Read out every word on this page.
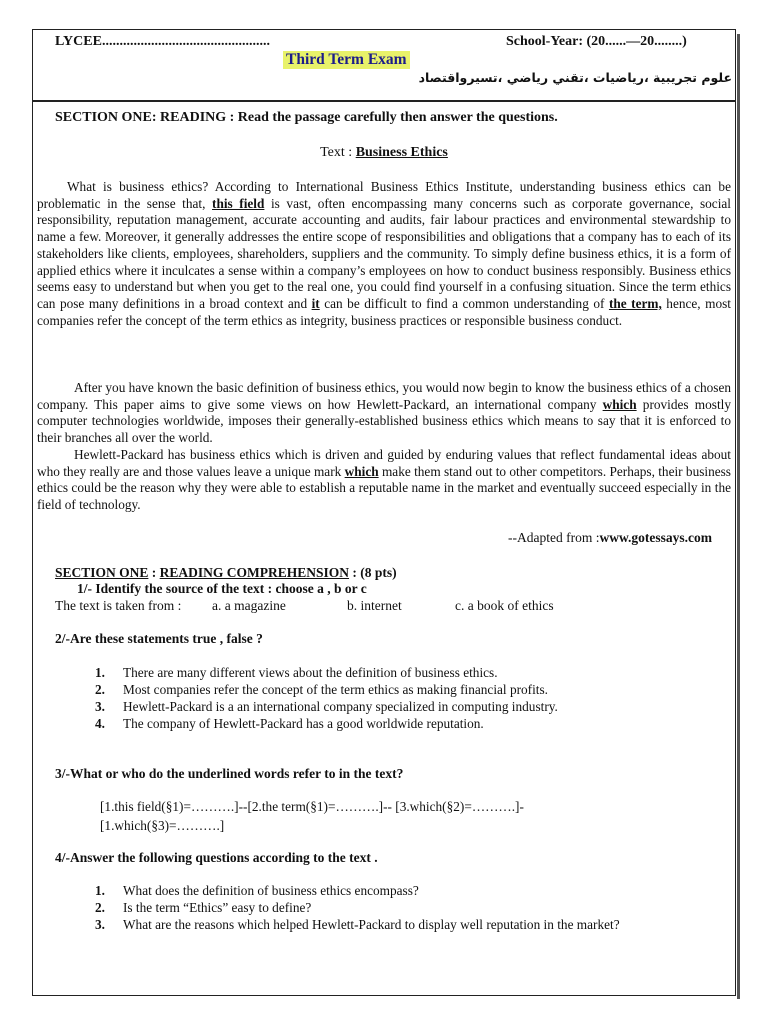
LYCEE................................................	School-Year: (20......—20........)
Third Term Exam
علوم تجريبية ،رياضيات ،تقني رياضي ،تسيرواقتصاد
SECTION ONE: READING : Read the passage carefully then answer the questions.
Text : Business Ethics

What is business ethics? According to International Business Ethics Institute, understanding business ethics can be problematic in the sense that, this field is vast, often encompassing many concerns such as corporate governance, social responsibility, reputation management, accurate accounting and audits, fair labour practices and environmental stewardship to name a few. Moreover, it generally addresses the entire scope of responsibilities and obligations that a company has to each of its stakeholders like clients, employees, shareholders, suppliers and the community. To simply define business ethics, it is a form of applied ethics where it inculcates a sense within a company’s employees on how to conduct business responsibly. Business ethics seems easy to understand but when you get to the real one, you could find yourself in a confusing situation. Since the term ethics can pose many definitions in a broad context and it can be difficult to find a common understanding of the term, hence, most companies refer the concept of the term ethics as integrity, business practices or responsible business conduct.

After you have known the basic definition of business ethics, you would now begin to know the business ethics of a chosen company. This paper aims to give some views on how Hewlett-Packard, an international company which provides mostly computer technologies worldwide, imposes their generally-established business ethics which means to say that it is enforced to their branches all over the world.

Hewlett-Packard has business ethics which is driven and guided by enduring values that reflect fundamental ideas about who they really are and those values leave a unique mark which make them stand out to other competitors. Perhaps, their business ethics could be the reason why they were able to establish a reputable name in the market and eventually succeed especially in the field of technology.

--Adapted from :www.gotessays.com
SECTION ONE : READING COMPREHENSION : (8 pts)
1/- Identify the source of the text : choose a , b or c
The text is taken from : a. a magazine	b. internet	c. a book of ethics
2/-Are these statements true , false ?
1. There are many different views about the definition of business ethics.
2. Most companies refer the concept of the term ethics as making financial profits.
3. Hewlett-Packard is a an international company specialized in computing industry.
4. The company of Hewlett-Packard has a good worldwide reputation.
3/-What or who do the underlined words refer to in the text?
[1.this field(§1)=……….]--[2.the term(§1)=……….]-- [3.which(§2)=……….]-
[1.which(§3)=……….]
4/-Answer the following questions according to the text .
1. What does the definition of business ethics encompass?
2. Is the term “Ethics” easy to define?
3. What are the reasons which helped Hewlett-Packard to display well reputation in the market?
